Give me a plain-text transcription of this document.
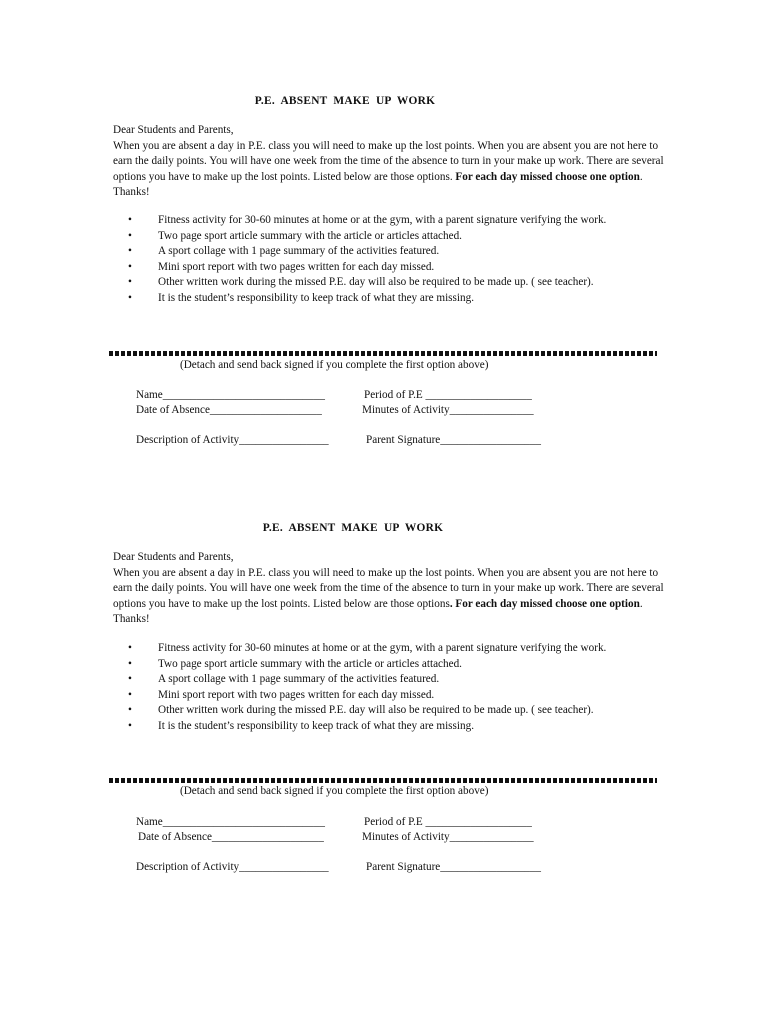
P.E. ABSENT MAKE UP WORK

Dear Students and Parents,

When you are absent a day in P.E. class you will need to make up the lost points. When you are absent you are not here to earn the daily points. You will have one week from the time of the absence to turn in your make up work. There are several options you have to make up the lost points. Listed below are those options. For each day missed choose one option. Thanks!

•	Fitness activity for 30-60 minutes at home or at the gym, with a parent signature verifying the work.
•	Two page sport article summary with the article or articles attached.
•	A sport collage with 1 page summary of the activities featured.
•	Mini sport report with two pages written for each day missed.
•	Other written work during the missed P.E. day will also be required to be made up. ( see teacher).
•	It is the student’s responsibility to keep track of what they are missing.
(Detach and send back signed if you complete the first option above)
Name_____________________________	Period of P.E ___________________
Date of Absence____________________	Minutes of Activity_______________
Description of Activity________________	Parent Signature__________________
P.E. ABSENT MAKE UP WORK

Dear Students and Parents,

When you are absent a day in P.E. class you will need to make up the lost points. When you are absent you are not here to earn the daily points. You will have one week from the time of the absence to turn in your make up work. There are several options you have to make up the lost points. Listed below are those options. For each day missed choose one option. Thanks!

•	Fitness activity for 30-60 minutes at home or at the gym, with a parent signature verifying the work.
•	Two page sport article summary with the article or articles attached.
•	A sport collage with 1 page summary of the activities featured.
•	Mini sport report with two pages written for each day missed.
•	Other written work during the missed P.E. day will also be required to be made up. ( see teacher).
•	It is the student’s responsibility to keep track of what they are missing.
(Detach and send back signed if you complete the first option above)
Name_____________________________	Period of P.E ___________________
Date of Absence____________________	Minutes of Activity_______________
Description of Activity________________	Parent Signature__________________
